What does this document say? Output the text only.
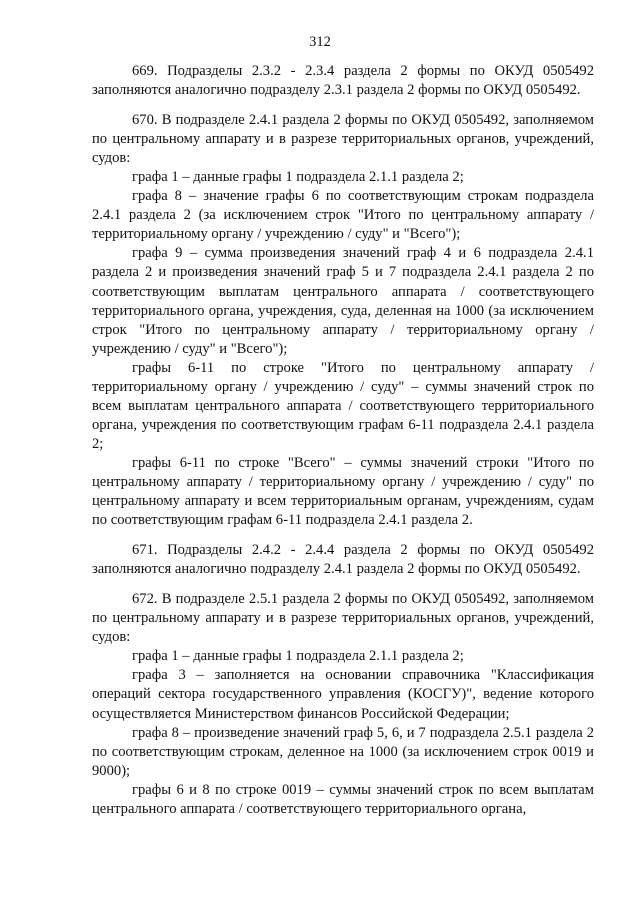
312

669. Подразделы 2.3.2 - 2.3.4 раздела 2 формы по ОКУД 0505492 заполняются аналогично подразделу 2.3.1 раздела 2 формы по ОКУД 0505492.

670. В подразделе 2.4.1 раздела 2 формы по ОКУД 0505492, заполняемом по центральному аппарату и в разрезе территориальных органов, учреждений, судов:

графа 1 – данные графы 1 подраздела 2.1.1 раздела 2;

графа 8 – значение графы 6 по соответствующим строкам подраздела 2.4.1 раздела 2 (за исключением строк "Итого по центральному аппарату / территориальному органу / учреждению / суду" и "Всего");

графа 9 – сумма произведения значений граф 4 и 6 подраздела 2.4.1 раздела 2 и произведения значений граф 5 и 7 подраздела 2.4.1 раздела 2 по соответствующим выплатам центрального аппарата / соответствующего территориального органа, учреждения, суда, деленная на 1000 (за исключением строк "Итого по центральному аппарату / территориальному органу / учреждению / суду" и "Всего");

графы 6-11 по строке "Итого по центральному аппарату / территориальному органу / учреждению / суду" – суммы значений строк по всем выплатам центрального аппарата / соответствующего территориального органа, учреждения по соответствующим графам 6-11 подраздела 2.4.1 раздела 2;

графы 6-11 по строке "Всего" – суммы значений строки "Итого по центральному аппарату / территориальному органу / учреждению / суду" по центральному аппарату и всем территориальным органам, учреждениям, судам по соответствующим графам 6-11 подраздела 2.4.1 раздела 2.

671. Подразделы 2.4.2 - 2.4.4 раздела 2 формы по ОКУД 0505492 заполняются аналогично подразделу 2.4.1 раздела 2 формы по ОКУД 0505492.

672. В подразделе 2.5.1 раздела 2 формы по ОКУД 0505492, заполняемом по центральному аппарату и в разрезе территориальных органов, учреждений, судов:

графа 1 – данные графы 1 подраздела 2.1.1 раздела 2;

графа 3 – заполняется на основании справочника "Классификация операций сектора государственного управления (КОСГУ)", ведение которого осуществляется Министерством финансов Российской Федерации;

графа 8 – произведение значений граф 5, 6, и 7 подраздела 2.5.1 раздела 2 по соответствующим строкам, деленное на 1000 (за исключением строк 0019 и 9000);

графы 6 и 8 по строке 0019 – суммы значений строк по всем выплатам центрального аппарата / соответствующего территориального органа,
